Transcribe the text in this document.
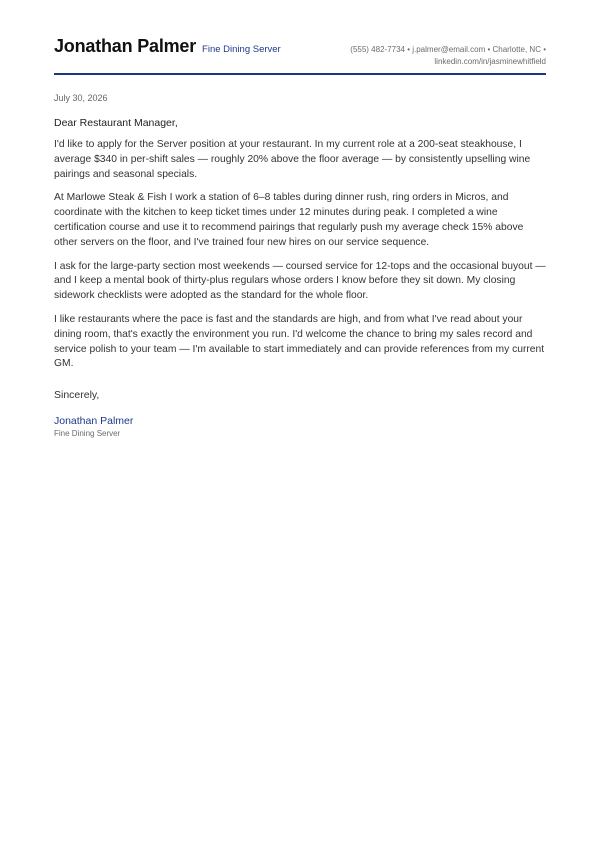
Jonathan Palmer Fine Dining Server	(555) 482-7734 • j.palmer@email.com • Charlotte, NC •
linkedin.com/in/jasminewhitfield
July 30, 2026
Dear Restaurant Manager,

I'd like to apply for the Server position at your restaurant. In my current role at a 200-seat steakhouse, I average $340 in per-shift sales — roughly 20% above the floor average — by consistently upselling wine pairings and seasonal specials.

At Marlowe Steak & Fish I work a station of 6–8 tables during dinner rush, ring orders in Micros, and coordinate with the kitchen to keep ticket times under 12 minutes during peak. I completed a wine certification course and use it to recommend pairings that regularly push my average check 15% above other servers on the floor, and I've trained four new hires on our service sequence.

I ask for the large-party section most weekends — coursed service for 12-tops and the occasional buyout — and I keep a mental book of thirty-plus regulars whose orders I know before they sit down. My closing sidework checklists were adopted as the standard for the whole floor.

I like restaurants where the pace is fast and the standards are high, and from what I've read about your dining room, that's exactly the environment you run. I'd welcome the chance to bring my sales record and service polish to your team — I'm available to start immediately and can provide references from my current GM.

Sincerely,
Jonathan Palmer
Fine Dining Server
